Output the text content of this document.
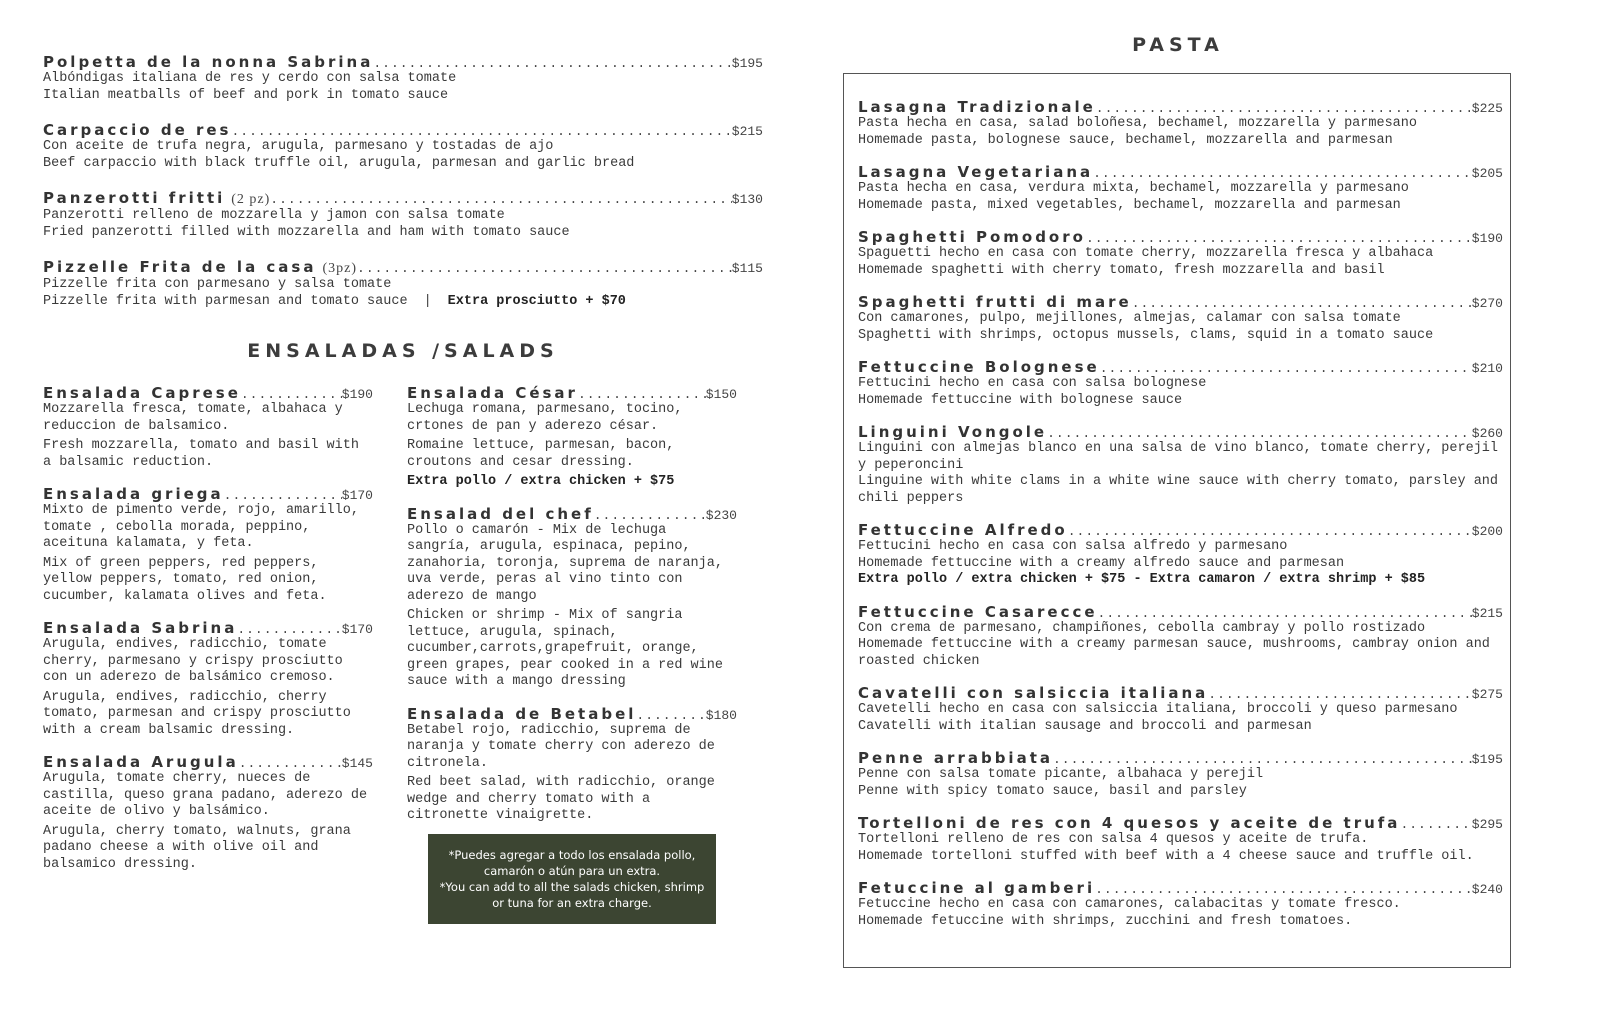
Polpetta de la nonna Sabrina .....	$195
Albóndigas italiana de res y cerdo con salsa tomate
Italian meatballs of beef and pork in tomato sauce
Carpaccio de res .....	$215
Con aceite de trufa negra, arugula, parmesano y tostadas de ajo
Beef carpaccio with black truffle oil, arugula, parmesan and garlic bread
Panzerotti fritti (2 pz) .....	$130
Panzerotti relleno de mozzarella y jamon con salsa tomate
Fried panzerotti filled with mozzarella and ham with tomato sauce
Pizzelle Frita de la casa (3pz) .....	$115
Pizzelle frita con parmesano y salsa tomate
Pizzelle frita with parmesan and tomato sauce | Extra prosciutto + $70
ENSALADAS /SALADS
Ensalada Caprese .....	$190

Mozzarella fresca, tomate, albahaca y reduccion de balsamico.

Fresh mozzarella, tomato and basil with a balsamic reduction.

Ensalada griega .....	$170

Mixto de pimento verde, rojo, amarillo, tomate , cebolla morada, peppino, aceituna kalamata, y feta.

Mix of green peppers, red peppers, yellow peppers, tomato, red onion, cucumber, kalamata olives and feta.

Ensalada Sabrina .....	$170

Arugula, endives, radicchio, tomate cherry, parmesano y crispy prosciutto con un aderezo de balsámico cremoso.

Arugula, endives, radicchio, cherry tomato, parmesan and crispy prosciutto with a cream balsamic dressing.

Ensalada Arugula .....	$145

Arugula, tomate cherry, nueces de castilla, queso grana padano, aderezo de aceite de olivo y balsámico.

Arugula, cherry tomato, walnuts, grana padano cheese a with olive oil and balsamico dressing.

Ensalada César .....	$150

Lechuga romana, parmesano, tocino, crtones de pan y aderezo césar.

Romaine lettuce, parmesan, bacon, croutons and cesar dressing.

Extra pollo / extra chicken + $75

Ensalad del chef .....	$230

Pollo o camarón - Mix de lechuga sangría, arugula, espinaca, pepino, zanahoria, toronja, suprema de naranja, uva verde, peras al vino tinto con aderezo de mango

Chicken or shrimp - Mix of sangria lettuce, arugula, spinach, cucumber,carrots,grapefruit, orange, green grapes, pear cooked in a red wine sauce with a mango dressing

Ensalada de Betabel .....	$180

Betabel rojo, radicchio, suprema de naranja y tomate cherry con aderezo de citronela.

Red beet salad, with radicchio, orange wedge and cherry tomato with a citronette vinaigrette.

*Puedes agregar a todo los ensalada pollo,
camarón o atún para un extra.
*You can add to all the salads chicken, shrimp
or tuna for an extra charge.
PASTA
Lasagna Tradizionale .....	$225
Pasta hecha en casa, salad boloñesa, bechamel, mozzarella y parmesano
Homemade pasta, bolognese sauce, bechamel, mozzarella and parmesan
Lasagna Vegetariana .....	$205
Pasta hecha en casa, verdura mixta, bechamel, mozzarella y parmesano
Homemade pasta, mixed vegetables, bechamel, mozzarella and parmesan
Spaghetti Pomodoro .....	$190
Spaguetti hecho en casa con tomate cherry, mozzarella fresca y albahaca
Homemade spaghetti with cherry tomato, fresh mozzarella and basil
Spaghetti frutti di mare .....	$270
Con camarones, pulpo, mejillones, almejas, calamar con salsa tomate
Spaghetti with shrimps, octopus mussels, clams, squid in a tomato sauce
Fettuccine Bolognese .....	$210
Fettucini hecho en casa con salsa bolognese
Homemade fettuccine with bolognese sauce
Linguini Vongole .....	$260
Linguini con almejas blanco en una salsa de vino blanco, tomate cherry, perejil y peperoncini
Linguine with white clams in a white wine sauce with cherry tomato, parsley and chili peppers
Fettuccine Alfredo .....	$200
Fettucini hecho en casa con salsa alfredo y parmesano
Homemade fettuccine with a creamy alfredo sauce and parmesan
Extra pollo / extra chicken + $75 - Extra camaron / extra shrimp + $85
Fettuccine Casarecce .....	$215
Con crema de parmesano, champiñones, cebolla cambray y pollo rostizado
Homemade fettuccine with a creamy parmesan sauce, mushrooms, cambray onion and roasted chicken
Cavatelli con salsiccia italiana .....	$275
Cavetelli hecho en casa con salsiccia italiana, broccoli y queso parmesano
Cavatelli with italian sausage and broccoli and parmesan
Penne arrabbiata .....	$195
Penne con salsa tomate picante, albahaca y perejil
Penne with spicy tomato sauce, basil and parsley
Tortelloni de res con 4 quesos y aceite de trufa .....	$295
Tortelloni relleno de res con salsa 4 quesos y aceite de trufa.
Homemade tortelloni stuffed with beef with a 4 cheese sauce and truffle oil.
Fetuccine al gamberi .....	$240
Fetuccine hecho en casa con camarones, calabacitas y tomate fresco.
Homemade fetuccine with shrimps, zucchini and fresh tomatoes.
